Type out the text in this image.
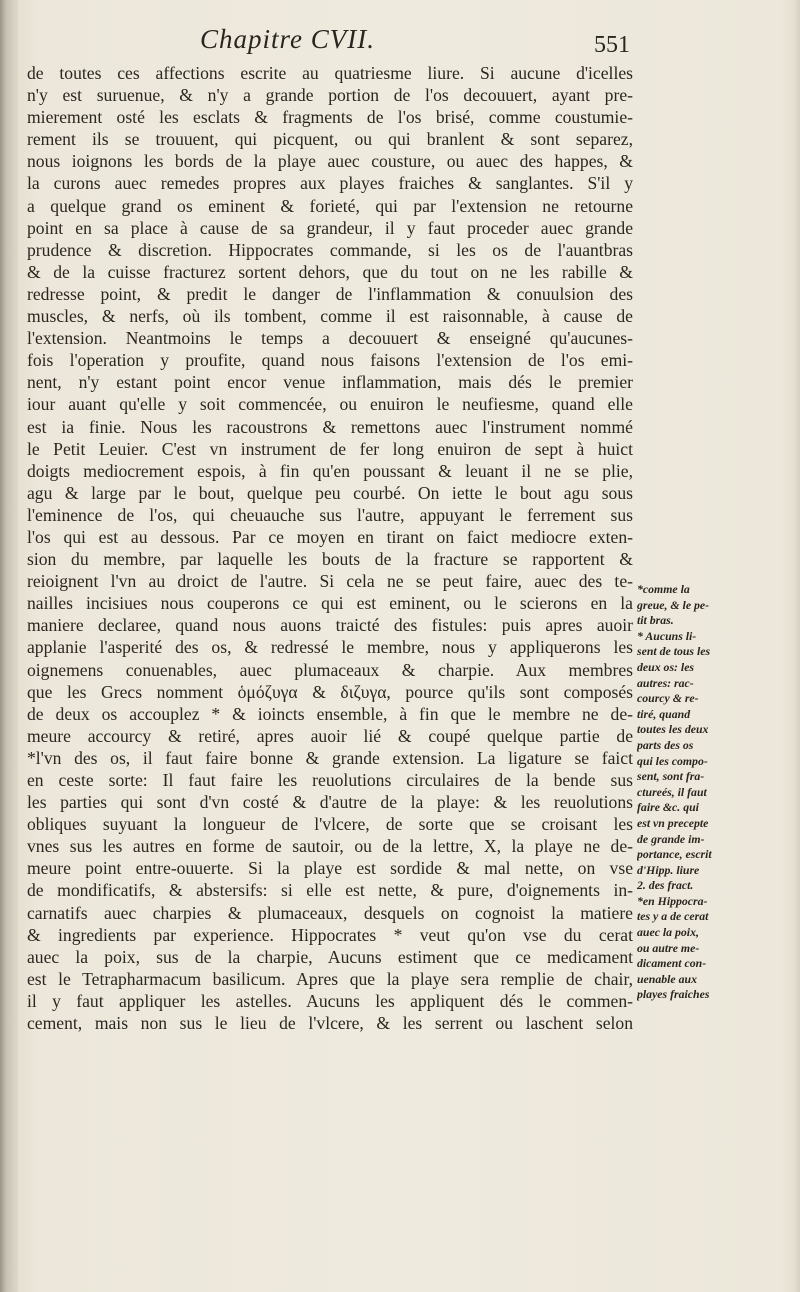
Chapitre CVII.	551
de toutes ces affections escrite au quatriesme liure. Si aucune d'icelles
n'y est suruenue, & n'y a grande portion de l'os decouuert, ayant pre-
mierement osté les esclats & fragments de l'os brisé, comme coustumie-
rement ils se trouuent, qui picquent, ou qui branlent & sont separez,
nous ioignons les bords de la playe auec cousture, ou auec des happes, &
la curons auec remedes propres aux playes fraiches & sanglantes. S'il y
a quelque grand os eminent & forieté, qui par l'extension ne retourne
point en sa place à cause de sa grandeur, il y faut proceder auec grande
prudence & discretion. Hippocrates commande, si les os de l'auantbras
& de la cuisse fracturez sortent dehors, que du tout on ne les rabille &
redresse point, & predit le danger de l'inflammation & conuulsion des
muscles, & nerfs, où ils tombent, comme il est raisonnable, à cause de
l'extension. Neantmoins le temps a decouuert & enseigné qu'aucunes-
fois l'operation y proufite, quand nous faisons l'extension de l'os emi-
nent, n'y estant point encor venue inflammation, mais dés le premier
iour auant qu'elle y soit commencée, ou enuiron le neufiesme, quand elle
est ia finie. Nous les racoustrons & remettons auec l'instrument nommé
le Petit Leuier. C'est vn instrument de fer long enuiron de sept à huict
doigts mediocrement espois, à fin qu'en poussant & leuant il ne se plie,
agu & large par le bout, quelque peu courbé. On iette le bout agu sous
l'eminence de l'os, qui cheuauche sus l'autre, appuyant le ferrement sus
l'os qui est au dessous. Par ce moyen en tirant on faict mediocre exten-
sion du membre, par laquelle les bouts de la fracture se rapportent &
reioignent l'vn au droict de l'autre. Si cela ne se peut faire, auec des te-
nailles incisiues nous couperons ce qui est eminent, ou le scierons en la
maniere declaree, quand nous auons traicté des fistules: puis apres auoir
applanie l'asperité des os, & redressé le membre, nous y appliquerons les
oignemens conuenables, auec plumaceaux & charpie. Aux membres
que les Grecs nomment ὁμόζυγα & διζυγα, pource qu'ils sont composés
de deux os accouplez * & ioincts ensemble, à fin que le membre ne de-
meure accourcy & retiré, apres auoir lié & coupé quelque partie de
*l'vn des os, il faut faire bonne & grande extension. La ligature se faict
en ceste sorte: Il faut faire les reuolutions circulaires de la bende sus
les parties qui sont d'vn costé & d'autre de la playe: & les reuolutions
obliques suyuant la longueur de l'vlcere, de sorte que se croisant les
vnes sus les autres en forme de sautoir, ou de la lettre, X, la playe ne de-
meure point entre-ouuerte. Si la playe est sordide & mal nette, on vse
de mondificatifs, & abstersifs: si elle est nette, & pure, d'oignements in-
carnatifs auec charpies & plumaceaux, desquels on cognoist la matiere
& ingredients par experience. Hippocrates * veut qu'on vse du cerat
auec la poix, sus de la charpie, Aucuns estiment que ce medicament
est le Tetrapharmacum basilicum. Apres que la playe sera remplie de chair,
il y faut appliquer les astelles. Aucuns les appliquent dés le commen-
cement, mais non sus le lieu de l'vlcere, & les serrent ou laschent selon
*comme la
greue, & le pe-
tit bras.
* Aucuns li-
sent de tous les
deux os: les
autres: rac-
courcy & re-
tiré, quand
toutes les deux
parts des os
qui les compo-
sent, sont fra-
ctureés, il faut
faire &c. qui
est vn precepte
de grande im-
portance, escrit
d'Hipp. liure
2. des fract.
*en Hippocra-
tes y a de cerat
auec la poix,
ou autre me-
dicament con-
uenable aux
playes fraiches
